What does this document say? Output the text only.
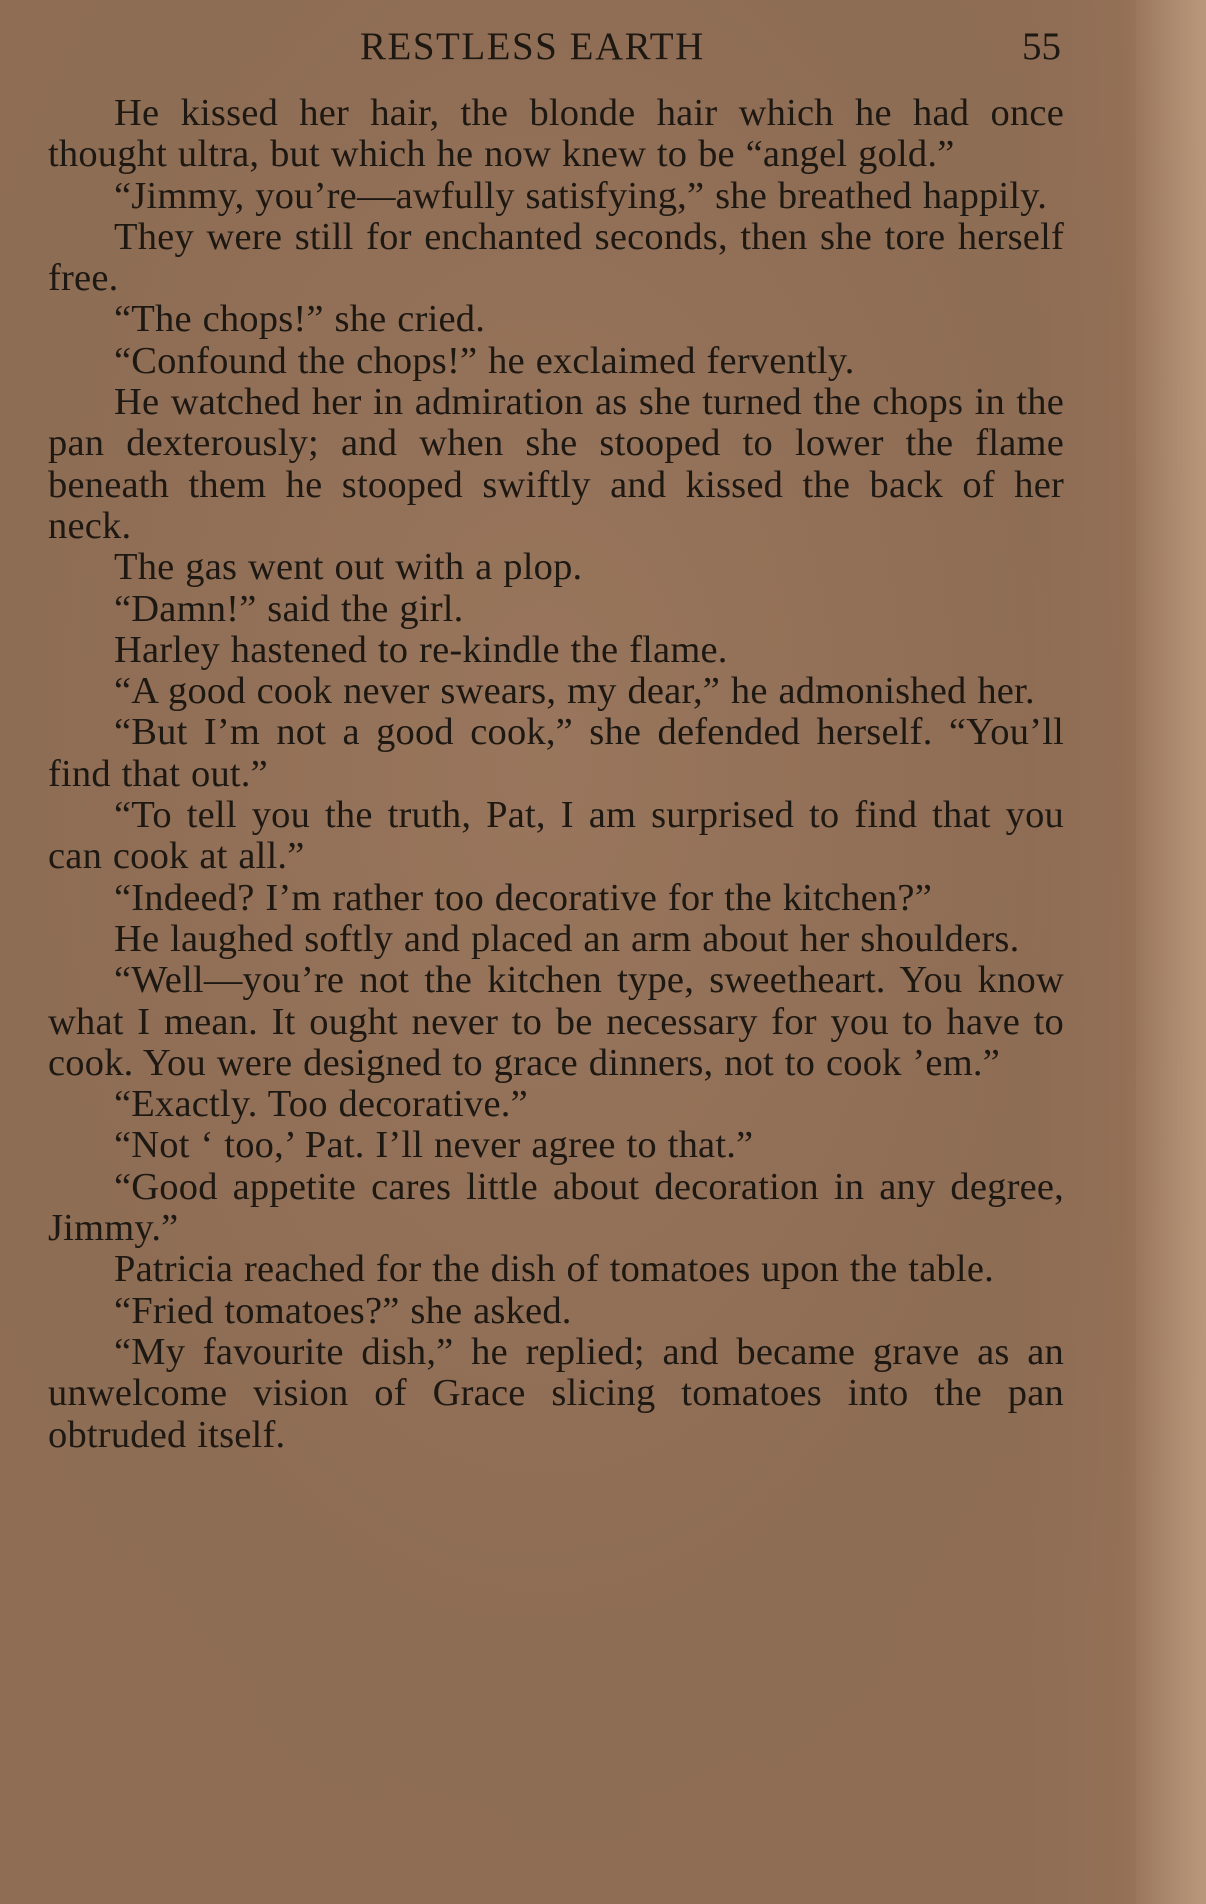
RESTLESS EARTH	55

He kissed her hair, the blonde hair which he had once thought ultra, but which he now knew to be “angel gold.”

“Jimmy, you’re—awfully satisfying,” she breathed happily.

They were still for enchanted seconds, then she tore herself free.

“The chops!” she cried.

“Confound the chops!” he exclaimed fervently.

He watched her in admiration as she turned the chops in the pan dexterously; and when she stooped to lower the flame beneath them he stooped swiftly and kissed the back of her neck.

The gas went out with a plop.

“Damn!” said the girl.

Harley hastened to re-kindle the flame.

“A good cook never swears, my dear,” he admonished her.

“But I’m not a good cook,” she defended herself. “You’ll find that out.”

“To tell you the truth, Pat, I am surprised to find that you can cook at all.”

“Indeed? I’m rather too decorative for the kitchen?”

He laughed softly and placed an arm about her shoulders.

“Well—you’re not the kitchen type, sweetheart. You know what I mean. It ought never to be necessary for you to have to cook. You were designed to grace dinners, not to cook ’em.”

“Exactly. Too decorative.”

“Not ‘ too,’ Pat. I’ll never agree to that.”

“Good appetite cares little about decoration in any degree, Jimmy.”

Patricia reached for the dish of tomatoes upon the table.

“Fried tomatoes?” she asked.

“My favourite dish,” he replied; and became grave as an unwelcome vision of Grace slicing tomatoes into the pan obtruded itself.
